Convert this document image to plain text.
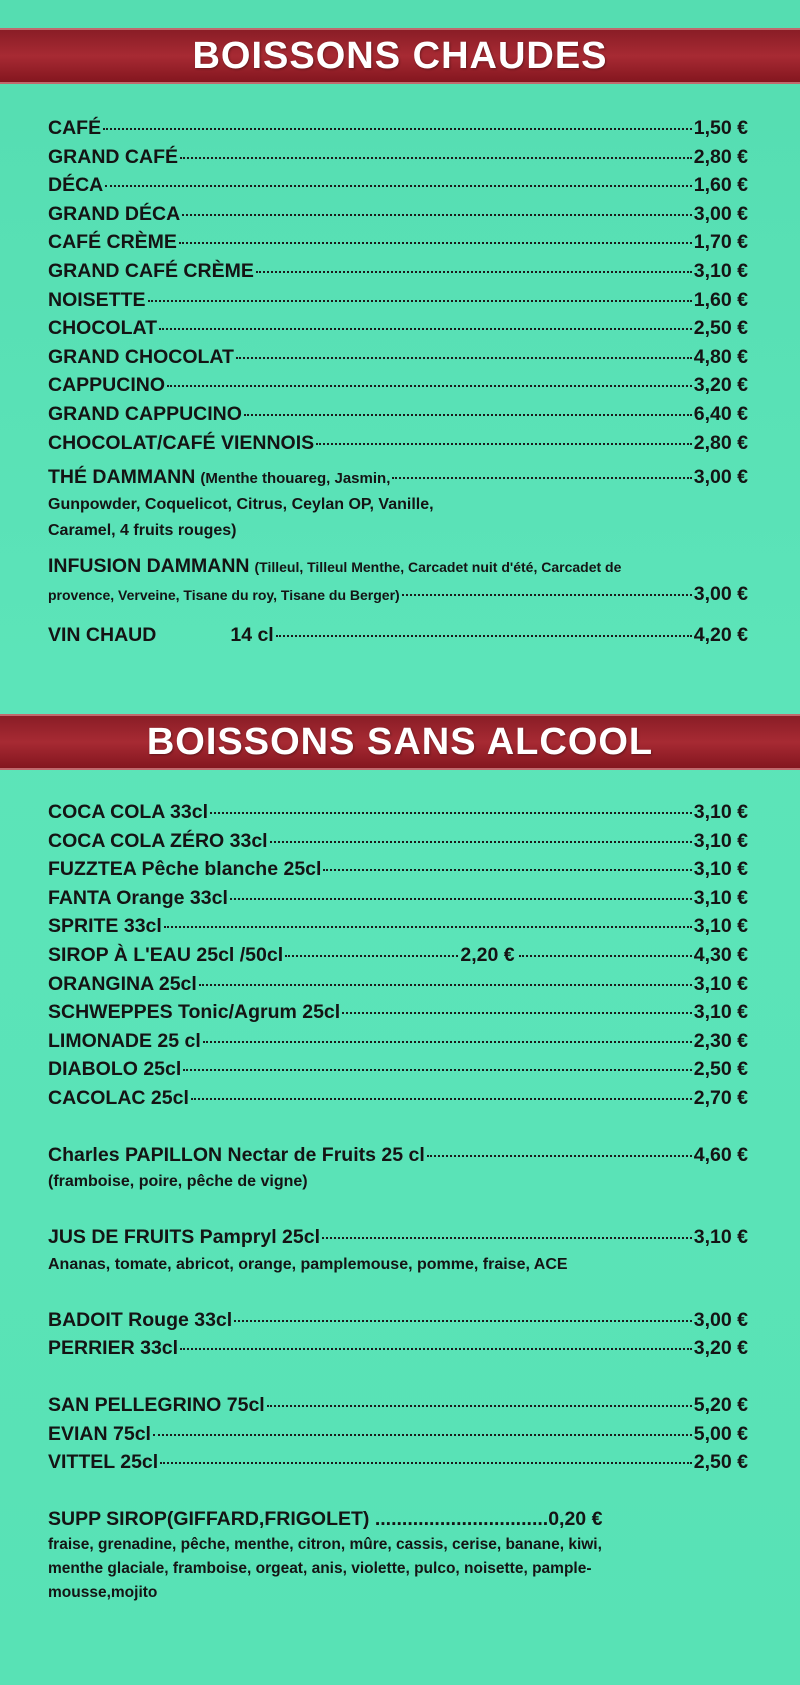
BOISSONS CHAUDES
CAFÉ	1,50 €
GRAND CAFÉ	2,80 €
DÉCA	1,60 €
GRAND DÉCA	3,00 €
CAFÉ CRÈME	1,70 €
GRAND CAFÉ CRÈME	3,10 €
NOISETTE	1,60 €
CHOCOLAT	2,50 €
GRAND CHOCOLAT	4,80 €
CAPPUCINO	3,20 €
GRAND CAPPUCINO	6,40 €
CHOCOLAT/CAFÉ VIENNOIS	2,80 €
THÉ DAMMANN (Menthe thouareg, Jasmin,	3,00 €
Gunpowder, Coquelicot, Citrus, Ceylan OP, Vanille,
Caramel, 4 fruits rouges)
INFUSION DAMMANN (Tilleul, Tilleul Menthe, Carcadet nuit d'été, Carcadet de
provence, Verveine, Tisane du roy, Tisane du Berger)	3,00 €
VIN CHAUD	14 cl	4,20 €
BOISSONS SANS ALCOOL
COCA COLA 33cl	3,10 €
COCA COLA ZÉRO 33cl	3,10 €
FUZZTEA Pêche blanche 25cl	3,10 €
FANTA Orange 33cl	3,10 €
SPRITE 33cl	3,10 €
SIROP À L'EAU 25cl /50cl	2,20 €	4,30 €
ORANGINA 25cl	3,10 €
SCHWEPPES Tonic/Agrum 25cl	3,10 €
LIMONADE 25 cl	2,30 €
DIABOLO 25cl	2,50 €
CACOLAC 25cl	2,70 €
Charles PAPILLON Nectar de Fruits 25 cl	4,60 €
(framboise, poire, pêche de vigne)
JUS DE FRUITS Pampryl 25cl	3,10 €
Ananas, tomate, abricot, orange, pamplemouse, pomme, fraise, ACE
BADOIT Rouge 33cl	3,00 €
PERRIER 33cl	3,20 €
SAN PELLEGRINO 75cl	5,20 €
EVIAN 75cl	5,00 €
VITTEL 25cl	2,50 €
SUPP SIROP(GIFFARD,FRIGOLET) ................................ 0,20 €
fraise, grenadine, pêche, menthe, citron, mûre, cassis, cerise, banane, kiwi,
menthe glaciale, framboise, orgeat, anis, violette, pulco, noisette, pample-
mousse,mojito
